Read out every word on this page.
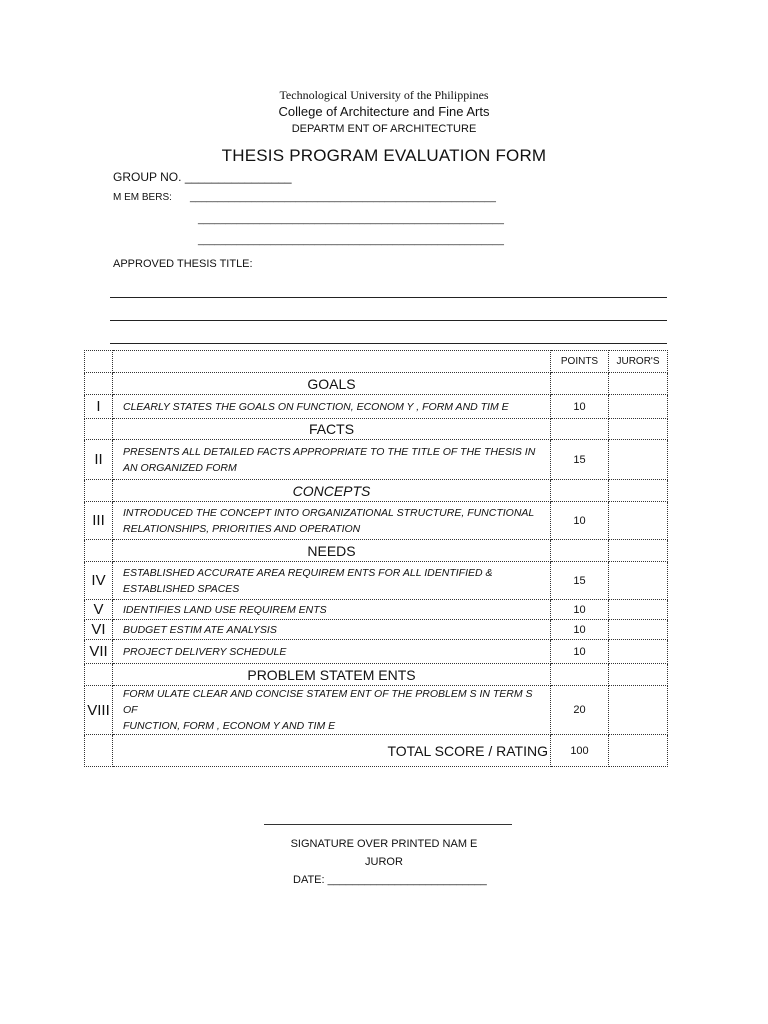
Technological University of the Philippines
College of Architecture and Fine Arts
DEPARTM ENT OF ARCHITECTURE
THESIS PROGRAM EVALUATION FORM
GROUP NO. ________________
M EM BERS: _______________________________________________________
_______________________________________________________
_______________________________________________________
APPROVED THESIS TITLE:
		POINTS	JUROR'S
	GOALS		
I	CLEARLY STATES THE GOALS ON FUNCTION, ECONOM Y , FORM AND TIM E	10	
	FACTS		
II	PRESENTS ALL DETAILED FACTS APPROPRIATE TO THE TITLE OF THE THESIS IN
AN ORGANIZED FORM	15	
	CONCEPTS		
III	INTRODUCED THE CONCEPT INTO ORGANIZATIONAL STRUCTURE, FUNCTIONAL
RELATIONSHIPS, PRIORITIES AND OPERATION	10	
	NEEDS		
IV	ESTABLISHED ACCURATE AREA REQUIREM ENTS FOR ALL IDENTIFIED &
ESTABLISHED SPACES	15	
V	IDENTIFIES LAND USE REQUIREM ENTS	10	
VI	BUDGET ESTIM ATE ANALYSIS	10	
VII	PROJECT DELIVERY SCHEDULE	10	
	PROBLEM STATEM ENTS		
VIII	FORM ULATE CLEAR AND CONCISE STATEM ENT OF THE PROBLEM S IN TERM S OF
FUNCTION, FORM , ECONOM Y AND TIM E	20	
	TOTAL SCORE / RATING	100	
SIGNATURE OVER PRINTED NAM E
JUROR
DATE: __________________________
